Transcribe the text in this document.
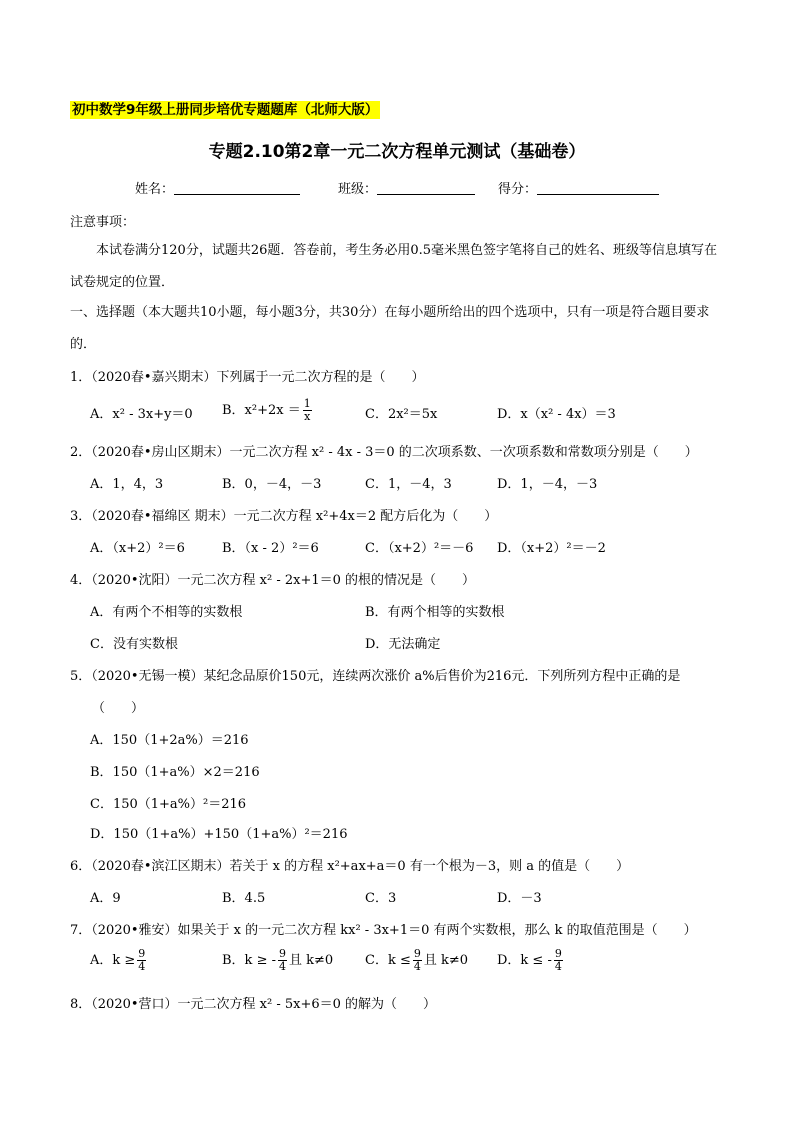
初中数学9年级上册同步培优专题题库（北师大版）
专题2.10第2章一元二次方程单元测试（基础卷）
姓名：	班级：	得分：
注意事项：
本试卷满分120分，试题共26题．答卷前，考生务必用0.5毫米黑色签字笔将自己的姓名、班级等信息填写在试卷规定的位置．
一、选择题（本大题共10小题，每小题3分，共30分）在每小题所给出的四个选项中，只有一项是符合题目要求的．
1．（2020春•嘉兴期末）下列属于一元二次方程的是（　　）
A．x² - 3x+y＝0 B．$x^2+2x = \frac{1}{x}$	C．2x²＝5x	D．x（x² - 4x）＝3
2．（2020春•房山区期末）一元二次方程 x² - 4x - 3＝0 的二次项系数、一次项系数和常数项分别是（　　）
A．1，4，3	B．0，－4，－3	C．1，－4，3	D．1，－4，－3
3．（2020春•福绵区 期末）一元二次方程 x²+4x＝2 配方后化为（　　）
A．（x+2）²＝6	B．（x - 2）²＝6	C．（x+2）²＝－6 D．（x+2）²＝－2
4．（2020•沈阳）一元二次方程 x² - 2x+1＝0 的根的情况是（　　）
A．有两个不相等的实数根	B．有两个相等的实数根
C．没有实数根	D．无法确定
5．（2020•无锡一模）某纪念品原价150元，连续两次涨价 a%后售价为216元．下列所列方程中正确的是
（　　）
A．150（1+2a%）＝216
B．150（1+a%）×2＝216
C．150（1+a%）²＝216
D．150（1+a%）+150（1+a%）²＝216
6．（2020春•滨江区期末）若关于 x 的方程 x²+ax+a＝0 有一个根为－3，则 a 的值是（　　）
A．9	B．4.5	C．3	D．－3
7．（2020•雅安）如果关于 x 的一元二次方程 kx² - 3x+1＝0 有两个实数根，那么 k 的取值范围是（　　）
A．$k \ge \frac{9}{4}$	B．k ≥ - $\frac{9}{4}$ 且 k≠0 C．$k \le \frac{9}{4}$ 且 k≠0 D．k ≤ - $\frac{9}{4}$
8．（2020•营口）一元二次方程 x² - 5x+6＝0 的解为（　　）
